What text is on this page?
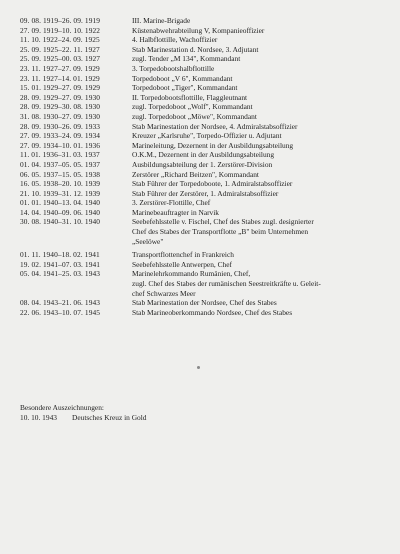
09. 08. 1919–26. 09. 1919	III. Marine-Brigade
27. 09. 1919–10. 10. 1922	Küstenabwehrabteilung V, Kompanieoffizier
11. 10. 1922–24. 09. 1925	4. Halbflottille, Wachoffizier
25. 09. 1925–22. 11. 1927	Stab Marinestation d. Nordsee, 3. Adjutant
25. 09. 1925–00. 03. 1927	zugl. Tender „M 134", Kommandant
23. 11. 1927–27. 09. 1929	3. Torpedobootshalbflottille
23. 11. 1927–14. 01. 1929	Torpedoboot „V 6", Kommandant
15. 01. 1929–27. 09. 1929	Torpedoboot „Tiger", Kommandant
28. 09. 1929–27. 09. 1930	II. Torpedobootsflottille, Flaggleutnant
28. 09. 1929–30. 08. 1930	zugl. Torpedoboot „Wolf", Kommandant
31. 08. 1930–27. 09. 1930	zugl. Torpedoboot „Möwe", Kommandant
28. 09. 1930–26. 09. 1933	Stab Marinestation der Nordsee, 4. Admiralstabsoffizier
27. 09. 1933–24. 09. 1934	Kreuzer „Karlsruhe", Torpedo-Offizier u. Adjutant
27. 09. 1934–10. 01. 1936	Marineleitung, Dezernent in der Ausbildungsabteilung
11. 01. 1936–31. 03. 1937	O.K.M., Dezernent in der Ausbildungsabteilung
01. 04. 1937–05. 05. 1937	Ausbildungsabteilung der 1. Zerstörer-Division
06. 05. 1937–15. 05. 1938	Zerstörer „Richard Beitzen", Kommandant
16. 05. 1938–20. 10. 1939	Stab Führer der Torpedoboote, 1. Admiralstabsoffizier
21. 10. 1939–31. 12. 1939	Stab Führer der Zerstörer, 1. Admiralstabsoffizier
01. 01. 1940–13. 04. 1940	3. Zerstörer-Flottille, Chef
14. 04. 1940–09. 06. 1940	Marinebeauftragter in Narvik
30. 08. 1940–31. 10. 1940	Seebefehlsstelle v. Fischel, Chef des Stabes zugl. designierter
Chef des Stabes der Transportflotte „B" beim Unternehmen
„Seelöwe"
01. 11. 1940–18. 02. 1941	Transportflottenchef in Frankreich
19. 02. 1941–07. 03. 1941	Seebefehlsstelle Antwerpen, Chef
05. 04. 1941–25. 03. 1943	Marinelehrkommando Rumänien, Chef,
zugl. Chef des Stabes der rumänischen Seestreitkräfte u. Geleit-
chef Schwarzes Meer
08. 04. 1943–21. 06. 1943	Stab Marinestation der Nordsee, Chef des Stabes
22. 06. 1943–10. 07. 1945	Stab Marineoberkommando Nordsee, Chef des Stabes
Besondere Auszeichnungen:
10. 10. 1943	Deutsches Kreuz in Gold
